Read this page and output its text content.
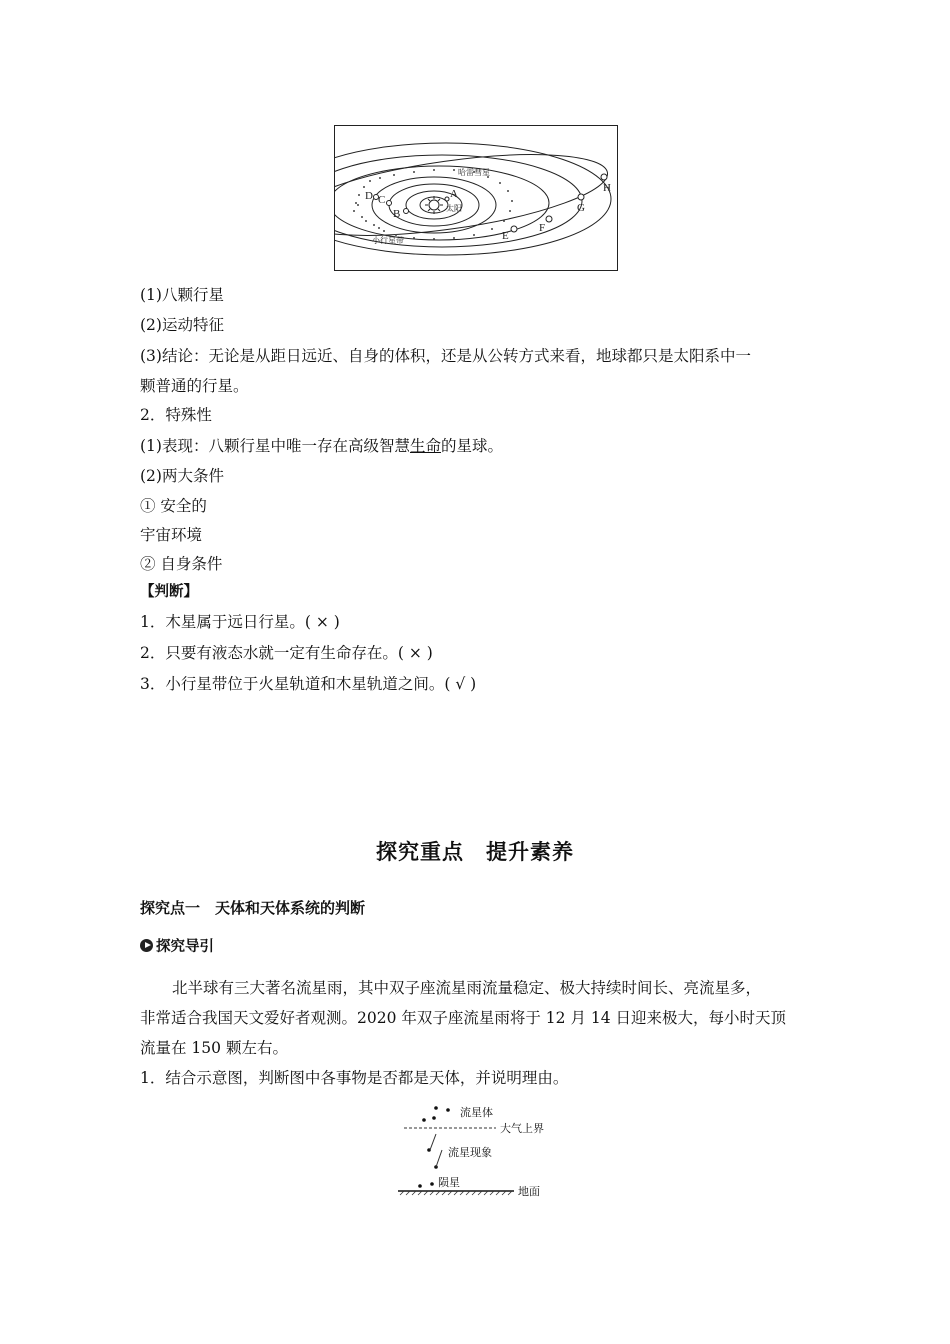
A
B
C
D
E
F
G
H
哈雷彗星
太阳
小行星带
(1)八颗行星
(2)运动特征
(3)结论：无论是从距日远近、自身的体积，还是从公转方式来看，地球都只是太阳系中一
颗普通的行星。
2．特殊性
(1)表现：八颗行星中唯一存在高级智慧生命的星球。
(2)两大条件
① 安全的
宇宙环境
② 自身条件
【判断】
1．木星属于远日行星。( × )
2．只要有液态水就一定有生命存在。( × )
3．小行星带位于火星轨道和木星轨道之间。( √ )
探究重点　提升素养
探究点一　天体和天体系统的判断
探究导引
北半球有三大著名流星雨，其中双子座流星雨流量稳定、极大持续时间长、亮流星多，
非常适合我国天文爱好者观测。2020 年双子座流星雨将于 12 月 14 日迎来极大，每小时天顶
流量在 150 颗左右。
1．结合示意图，判断图中各事物是否都是天体，并说明理由。
流星体
大气上界
流星现象
陨星
地面
